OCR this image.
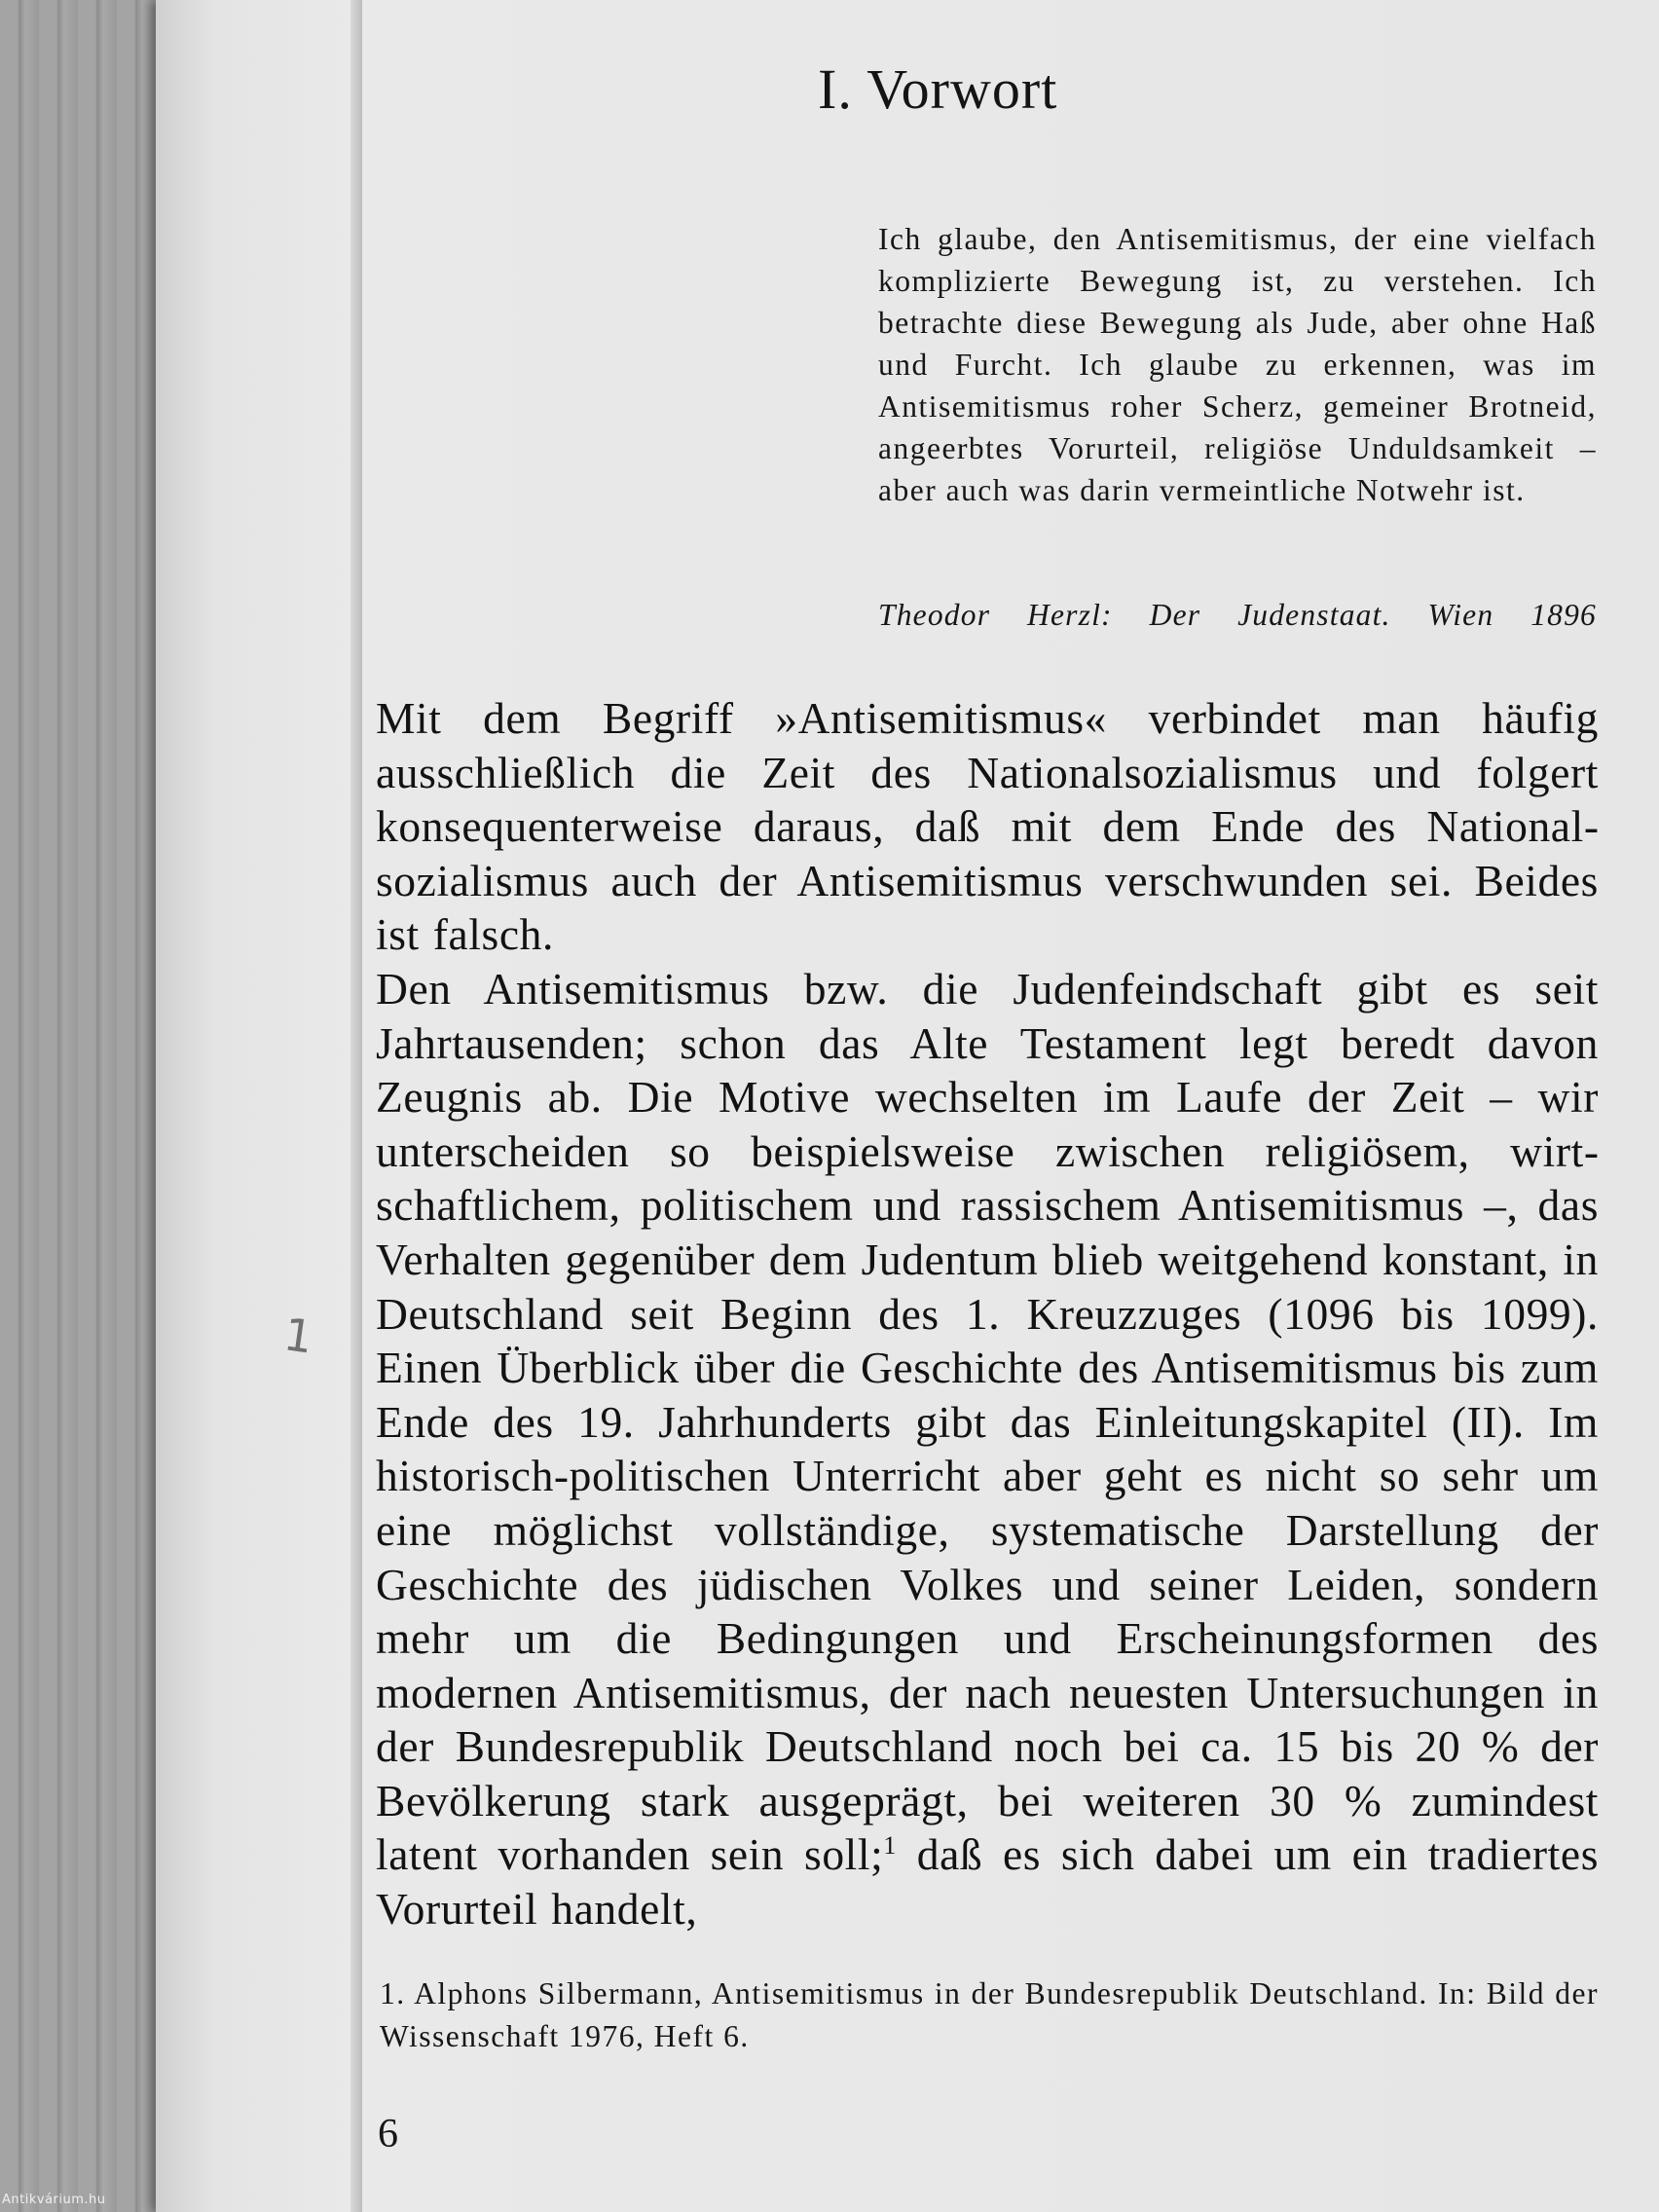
I. Vorwort
Ich glaube, den Antisemitismus, der eine vielfach komplizierte Bewegung ist, zu verstehen. Ich betrachte diese Bewegung als Jude, aber ohne Haß und Furcht. Ich glaube zu erkennen, was im Antisemitismus roher Scherz, gemeiner Brotneid, angeerbtes Vorurteil, religiöse Unduldsamkeit – aber auch was darin vermeintliche Notwehr ist.
Theodor Herzl: Der Judenstaat. Wien 1896

Mit dem Begriff »Antisemitismus« verbindet man häufig ausschließlich die Zeit des Nationalsozialismus und folgert konsequenterweise daraus, daß mit dem Ende des Nationalsozialismus auch der Antisemitismus verschwunden sei. Beides ist falsch.

Den Antisemitismus bzw. die Judenfeindschaft gibt es seit Jahrtausenden; schon das Alte Testament legt beredt davon Zeugnis ab. Die Motive wechselten im Laufe der Zeit – wir unterscheiden so beispielsweise zwischen religiösem, wirtschaftlichem, politischem und rassischem Antisemitismus –, das Verhalten gegenüber dem Judentum blieb weitgehend konstant, in Deutschland seit Beginn des 1. Kreuzzuges (1096 bis 1099). Einen Überblick über die Geschichte des Antisemitismus bis zum Ende des 19. Jahrhunderts gibt das Einleitungskapitel (II). Im historisch-politischen Unterricht aber geht es nicht so sehr um eine möglichst vollständige, systematische Darstellung der Geschichte des jüdischen Volkes und seiner Leiden, sondern mehr um die Bedingungen und Erscheinungsformen des modernen Antisemitismus, der nach neuesten Untersuchungen in der Bundesrepublik Deutschland noch bei ca. 15 bis 20 % der Bevölkerung stark ausgeprägt, bei weiteren 30 % zumindest latent vorhanden sein soll;$^1$ daß es sich dabei um ein tradiertes Vorurteil handelt,

1
1. Alphons Silbermann, Antisemitismus in der Bundesrepublik Deutschland. In: Bild der Wissenschaft 1976, Heft 6.
6
Antikvárium.hu
